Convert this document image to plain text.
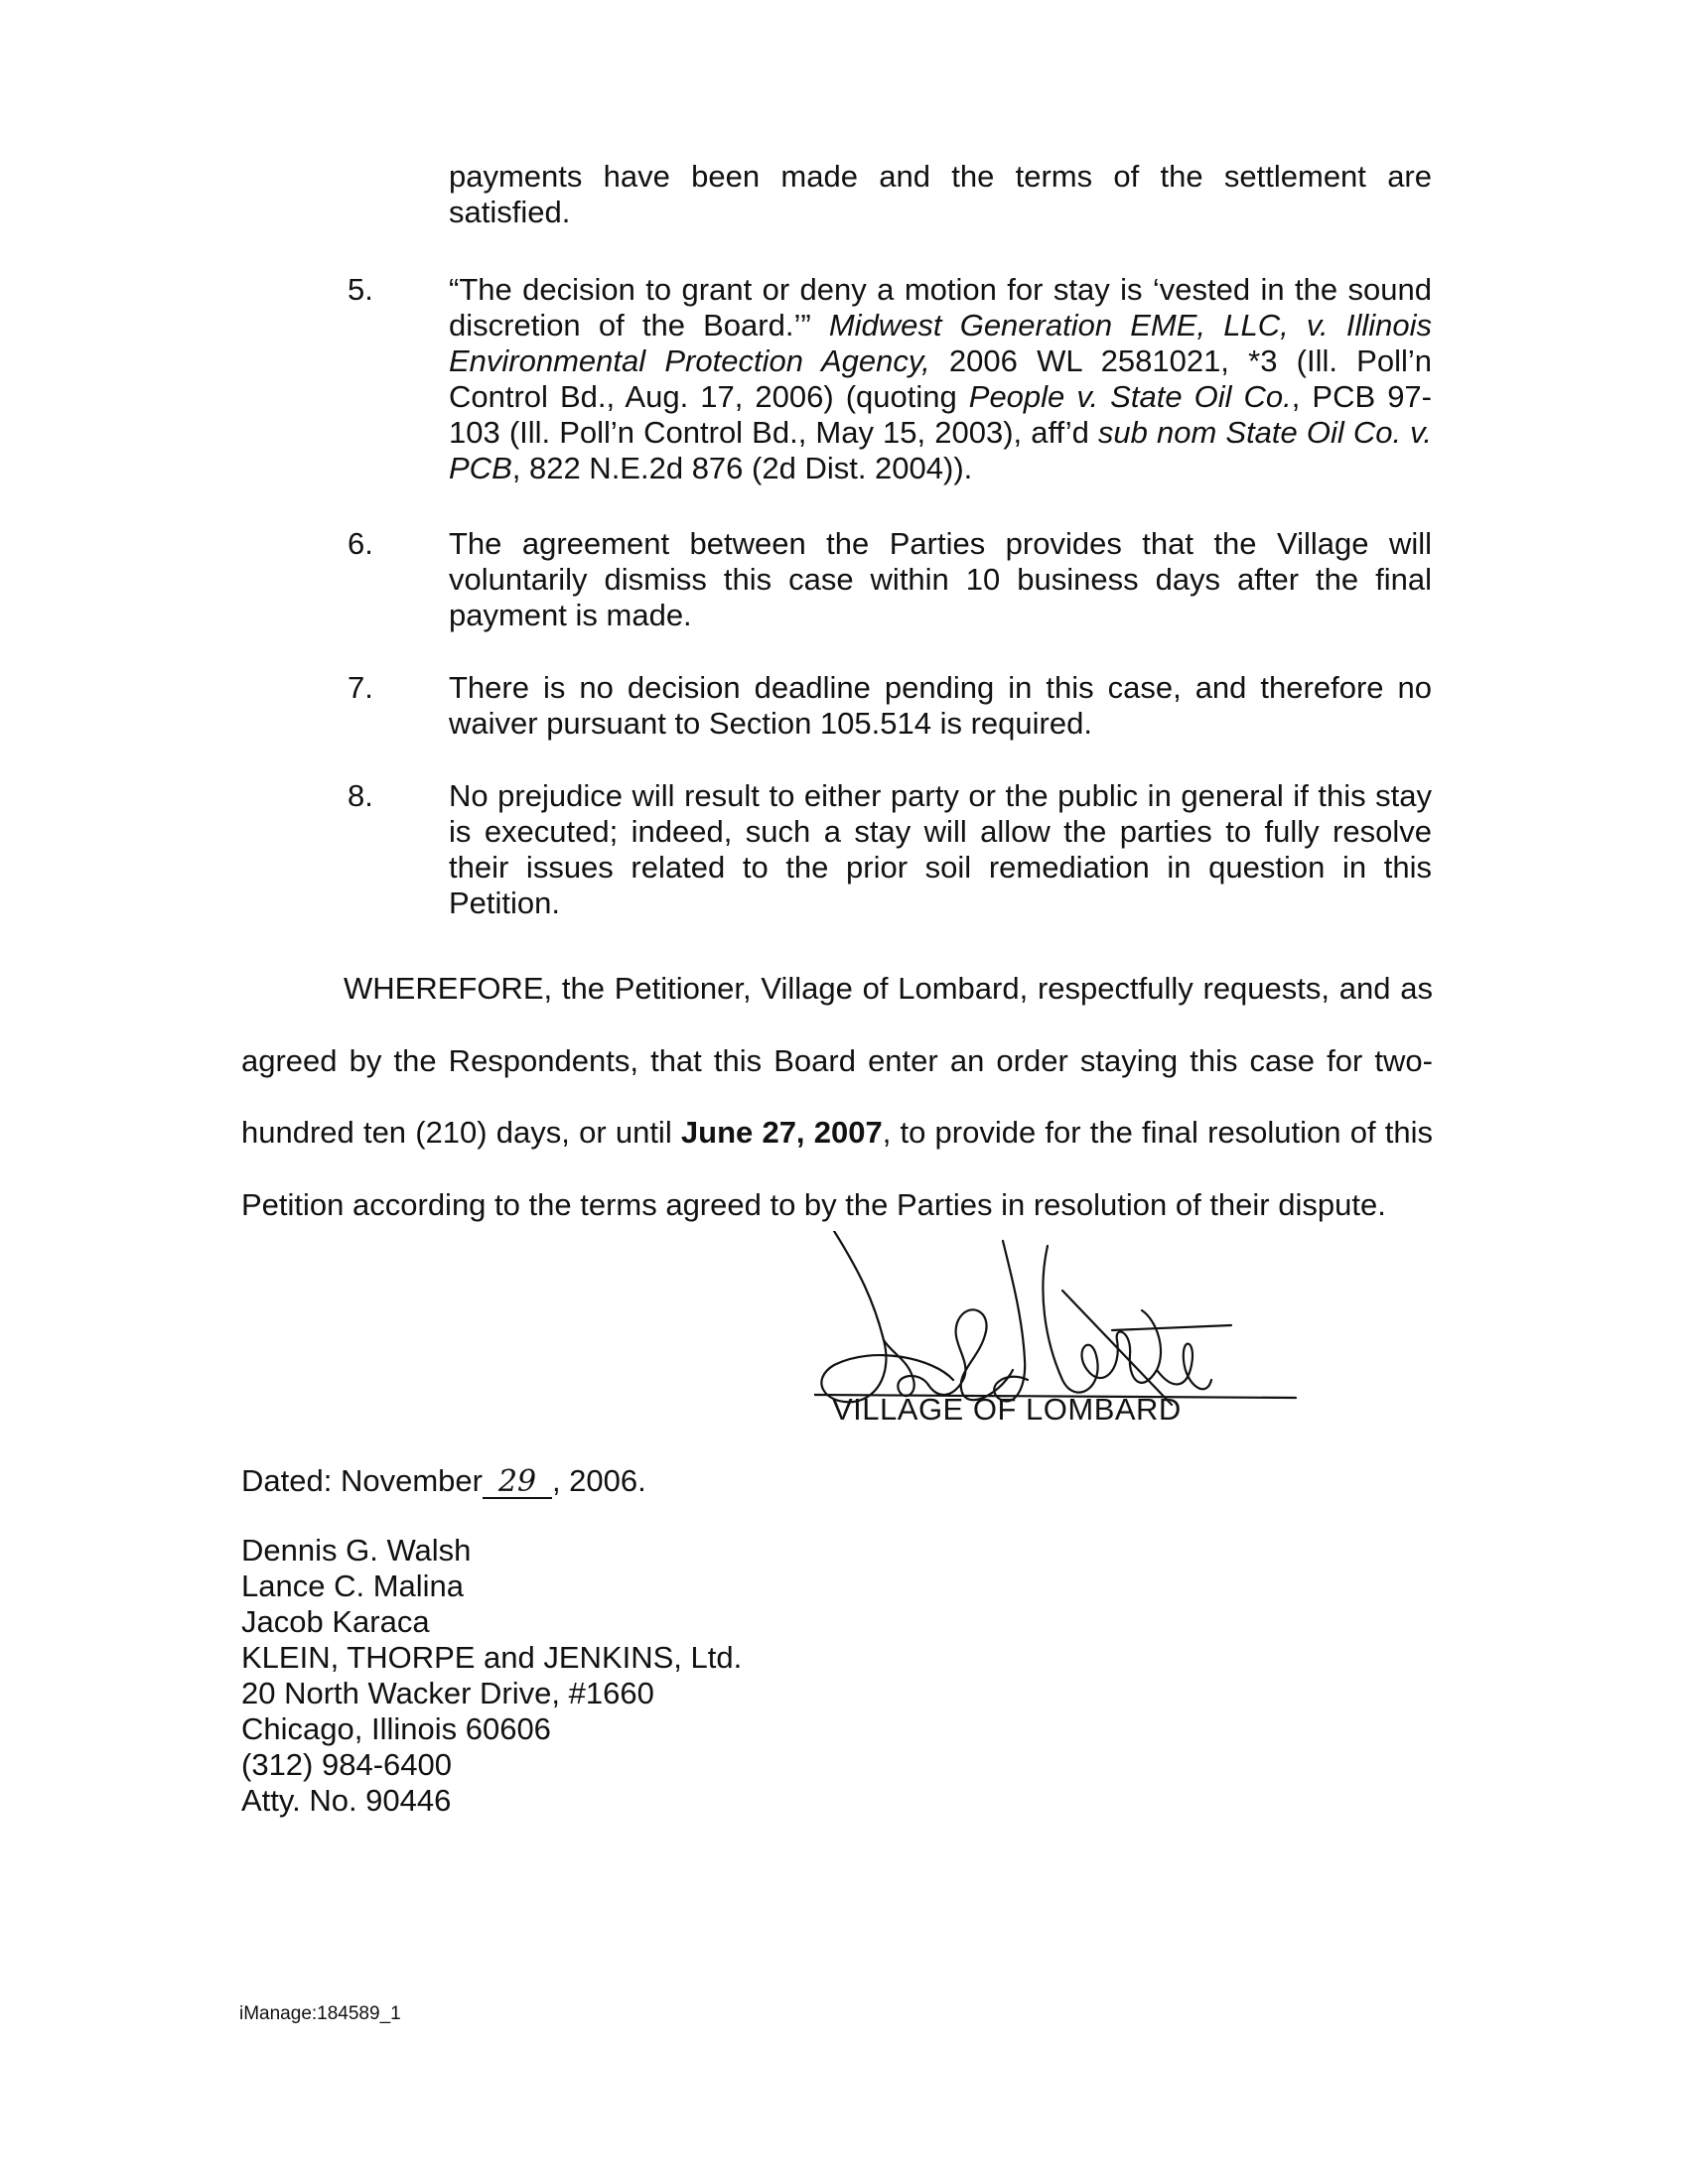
payments have been made and the terms of the settlement are satisfied.
5.	“The decision to grant or deny a motion for stay is ‘vested in the sound discretion of the Board.’” Midwest Generation EME, LLC, v. Illinois Environmental Protection Agency, 2006 WL 2581021, *3 (Ill. Poll’n Control Bd., Aug. 17, 2006) (quoting People v. State Oil Co., PCB 97-103 (Ill. Poll’n Control Bd., May 15, 2003), aff’d sub nom State Oil Co. v. PCB, 822 N.E.2d 876 (2d Dist. 2004)).
6.	The agreement between the Parties provides that the Village will voluntarily dismiss this case within 10 business days after the final payment is made.
7.	There is no decision deadline pending in this case, and therefore no waiver pursuant to Section 105.514 is required.
8.	No prejudice will result to either party or the public in general if this stay is executed; indeed, such a stay will allow the parties to fully resolve their issues related to the prior soil remediation in question in this Petition.
WHEREFORE, the Petitioner, Village of Lombard, respectfully requests, and as agreed by the Respondents, that this Board enter an order staying this case for two-hundred ten (210) days, or until June 27, 2007, to provide for the final resolution of this Petition according to the terms agreed to by the Parties in resolution of their dispute.
VILLAGE OF LOMBARD
Dated: November 29 , 2006.
Dennis G. Walsh
Lance C. Malina
Jacob Karaca
KLEIN, THORPE and JENKINS, Ltd.
20 North Wacker Drive, #1660
Chicago, Illinois 60606
(312) 984-6400
Atty. No. 90446
iManage:184589_1
